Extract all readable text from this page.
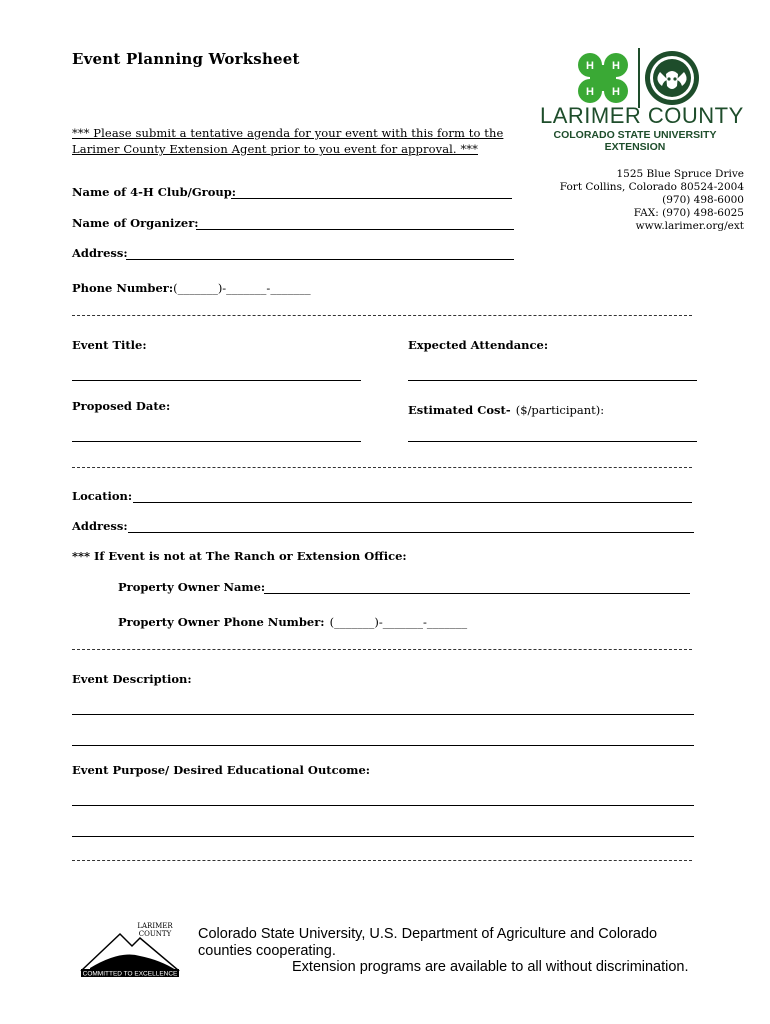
Event Planning Worksheet
*** Please submit a tentative agenda for your event with this form to the
Larimer County Extension Agent prior to you event for approval. ***
H H
H H
LARIMER COUNTY
COLORADO STATE UNIVERSITY
EXTENSION
1525 Blue Spruce Drive
Fort Collins, Colorado 80524-2004
(970) 498-6000
FAX: (970) 498-6025
www.larimer.org/ext
Name of 4-H Club/Group:
Name of Organizer:
Address:
Phone Number:(_______)-_______-_______
Event Title:	Expected Attendance:
Proposed Date:	Estimated Cost- ($/participant):
Location:
Address:
*** If Event is not at The Ranch or Extension Office:
Property Owner Name:
Property Owner Phone Number: (_______)-_______-_______
Event Description:
Event Purpose/ Desired Educational Outcome:
COMMITTED TO EXCELLENCE
LARIMER
COUNTY Colorado State University, U.S. Department of Agriculture and Colorado
counties cooperating.
Extension programs are available to all without discrimination.
